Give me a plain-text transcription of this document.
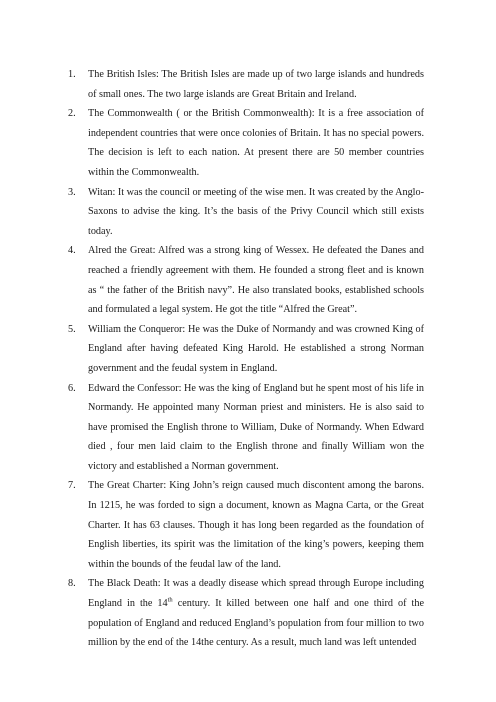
1. The British Isles: The British Isles are made up of two large islands and hundreds of small ones. The two large islands are Great Britain and Ireland.
2. The Commonwealth ( or the British Commonwealth): It is a free association of independent countries that were once colonies of Britain. It has no special powers. The decision is left to each nation. At present there are 50 member countries within the Commonwealth.
3. Witan: It was the council or meeting of the wise men. It was created by the Anglo-Saxons to advise the king. It’s the basis of the Privy Council which still exists today.
4. Alred the Great: Alfred was a strong king of Wessex. He defeated the Danes and reached a friendly agreement with them. He founded a strong fleet and is known as “ the father of the British navy”. He also translated books, established schools and formulated a legal system. He got the title “Alfred the Great”.
5. William the Conqueror: He was the Duke of Normandy and was crowned King of England after having defeated King Harold. He established a strong Norman government and the feudal system in England.
6. Edward the Confessor: He was the king of England but he spent most of his life in Normandy. He appointed many Norman priest and ministers. He is also said to have promised the English throne to William, Duke of Normandy. When Edward died , four men laid claim to the English throne and finally William won the victory and established a Norman government.
7. The Great Charter: King John’s reign caused much discontent among the barons. In 1215, he was forded to sign a document, known as Magna Carta, or the Great Charter. It has 63 clauses. Though it has long been regarded as the foundation of English liberties, its spirit was the limitation of the king’s powers, keeping them within the bounds of the feudal law of the land.
8. The Black Death: It was a deadly disease which spread through Europe including England in the 14th century. It killed between one half and one third of the population of England and reduced England’s population from four million to two million by the end of the 14the century. As a result, much land was left untended
